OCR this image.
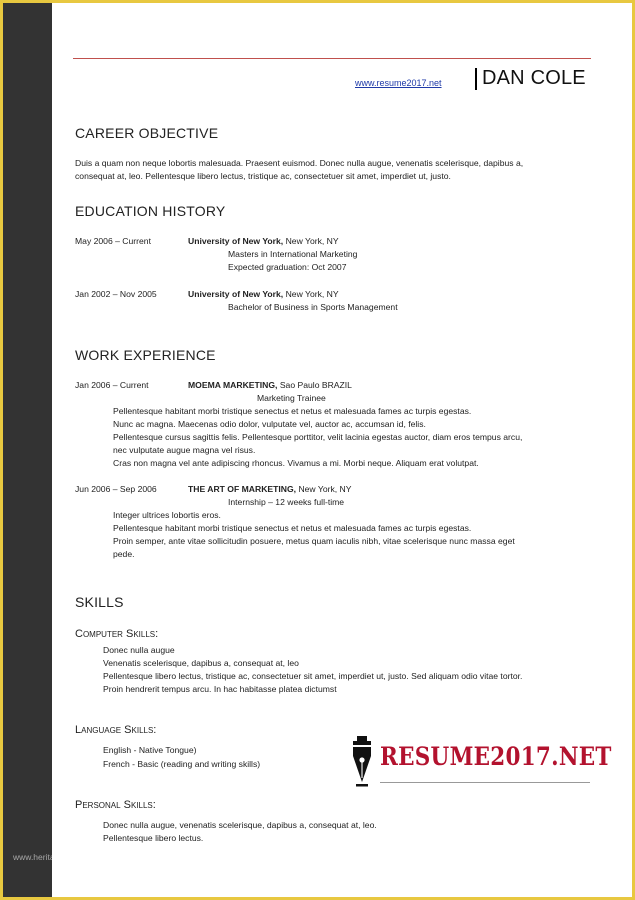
www.resume2017.net DAN COLE
CAREER OBJECTIVE
Duis a quam non neque lobortis malesuada. Praesent euismod. Donec nulla augue, venenatis scelerisque, dapibus a,
consequat at, leo. Pellentesque libero lectus, tristique ac, consectetuer sit amet, imperdiet ut, justo.
EDUCATION HISTORY
May 2006 – Current	University of New York, New York, NY
Masters in International Marketing
Expected graduation: Oct 2007
Jan 2002 – Nov 2005	University of New York, New York, NY
Bachelor of Business in Sports Management
WORK EXPERIENCE
Jan 2006 – Current	MOEMA MARKETING, Sao Paulo BRAZIL
Marketing Trainee
Pellentesque habitant morbi tristique senectus et netus et malesuada fames ac turpis egestas.
Nunc ac magna. Maecenas odio dolor, vulputate vel, auctor ac, accumsan id, felis.
Pellentesque cursus sagittis felis. Pellentesque porttitor, velit lacinia egestas auctor, diam eros tempus arcu,
nec vulputate augue magna vel risus.
Cras non magna vel ante adipiscing rhoncus. Vivamus a mi. Morbi neque. Aliquam erat volutpat.
Jun 2006 – Sep 2006	THE ART OF MARKETING, New York, NY
Internship – 12 weeks full-time
Integer ultrices lobortis eros.
Pellentesque habitant morbi tristique senectus et netus et malesuada fames ac turpis egestas.
Proin semper, ante vitae sollicitudin posuere, metus quam iaculis nibh, vitae scelerisque nunc massa eget
pede.
SKILLS
Computer Skills:
Donec nulla augue
Venenatis scelerisque, dapibus a, consequat at, leo
Pellentesque libero lectus, tristique ac, consectetuer sit amet, imperdiet ut, justo. Sed aliquam odio vitae tortor.
Proin hendrerit tempus arcu. In hac habitasse platea dictumst
Language Skills:
English - Native Tongue)
French - Basic (reading and writing skills)
Personal Skills:
Donec nulla augue, venenatis scelerisque, dapibus a, consequat at, leo.
Pellentesque libero lectus.
RESUME2017.NET
www.heritagechristiancollege.com
